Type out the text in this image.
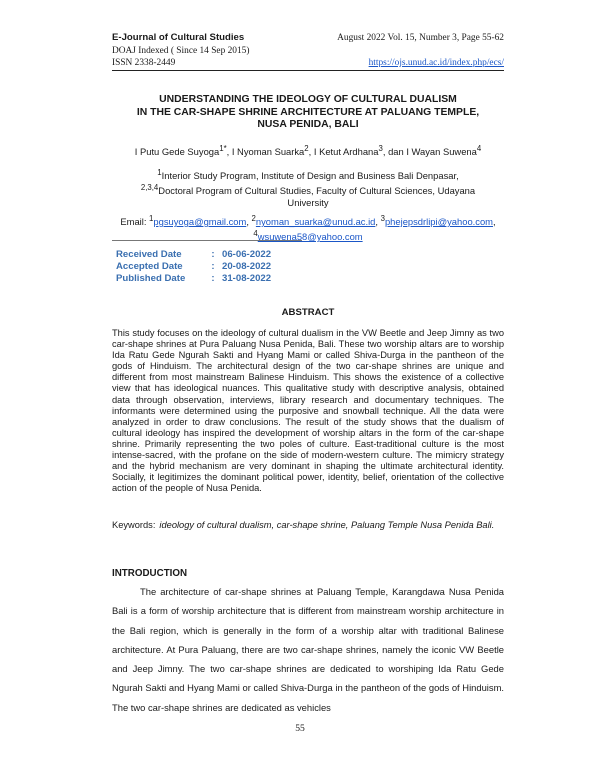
E-Journal of Cultural Studies
DOAJ Indexed ( Since 14 Sep 2015)
ISSN 2338-2449
August 2022 Vol. 15, Number 3, Page 55-62
https://ojs.unud.ac.id/index.php/ecs/
UNDERSTANDING THE IDEOLOGY OF CULTURAL DUALISM
IN THE CAR-SHAPE SHRINE ARCHITECTURE AT PALUANG TEMPLE,
NUSA PENIDA, BALI
I Putu Gede Suyoga$^{1*}$, I Nyoman Suarka$^2$, I Ketut Ardhana$^3$, dan I Wayan Suwena$^4$
$^1$Interior Study Program, Institute of Design and Business Bali Denpasar,
$^{2,3,4}$Doctoral Program of Cultural Studies, Faculty of Cultural Sciences, Udayana
University
Email: $^1$pgsuyoga@gmail.com, $^2$nyoman_suarka@unud.ac.id, $^3$phejepsdrlipi@yahoo.com,
$^4$wsuwena58@yahoo.com
Received Date	: 06-06-2022
Accepted Date	: 20-08-2022
Published Date	: 31-08-2022
ABSTRACT
This study focuses on the ideology of cultural dualism in the VW Beetle and Jeep Jimny as two car-shape shrines at Pura Paluang Nusa Penida, Bali. These two worship altars are to worship Ida Ratu Gede Ngurah Sakti and Hyang Mami or called Shiva-Durga in the pantheon of the gods of Hinduism. The architectural design of the two car-shape shrines are unique and different from most mainstream Balinese Hinduism. This shows the existence of a collective view that has ideological nuances. This qualitative study with descriptive analysis, obtained data through observation, interviews, library research and documentary techniques. The informants were determined using the purposive and snowball technique. All the data were analyzed in order to draw conclusions. The result of the study shows that the dualism of cultural ideology has inspired the development of worship altars in the form of the car-shape shrine. Primarily representing the two poles of culture. East-traditional culture is the most intense-sacred, with the profane on the side of modern-western culture. The mimicry strategy and the hybrid mechanism are very dominant in shaping the ultimate architectural identity. Socially, it legitimizes the dominant political power, identity, belief, orientation of the collective action of the people of Nusa Penida.
Keywords: ideology of cultural dualism, car-shape shrine, Paluang Temple Nusa Penida Bali.
INTRODUCTION
The architecture of car-shape shrines at Paluang Temple, Karangdawa Nusa Penida Bali is a form of worship architecture that is different from mainstream worship architecture in the Bali region, which is generally in the form of a worship altar with traditional Balinese architecture. At Pura Paluang, there are two car-shape shrines, namely the iconic VW Beetle and Jeep Jimny. The two car-shape shrines are dedicated to worshiping Ida Ratu Gede Ngurah Sakti and Hyang Mami or called Shiva-Durga in the pantheon of the gods of Hinduism. The two car-shape shrines are dedicated as vehicles
55
